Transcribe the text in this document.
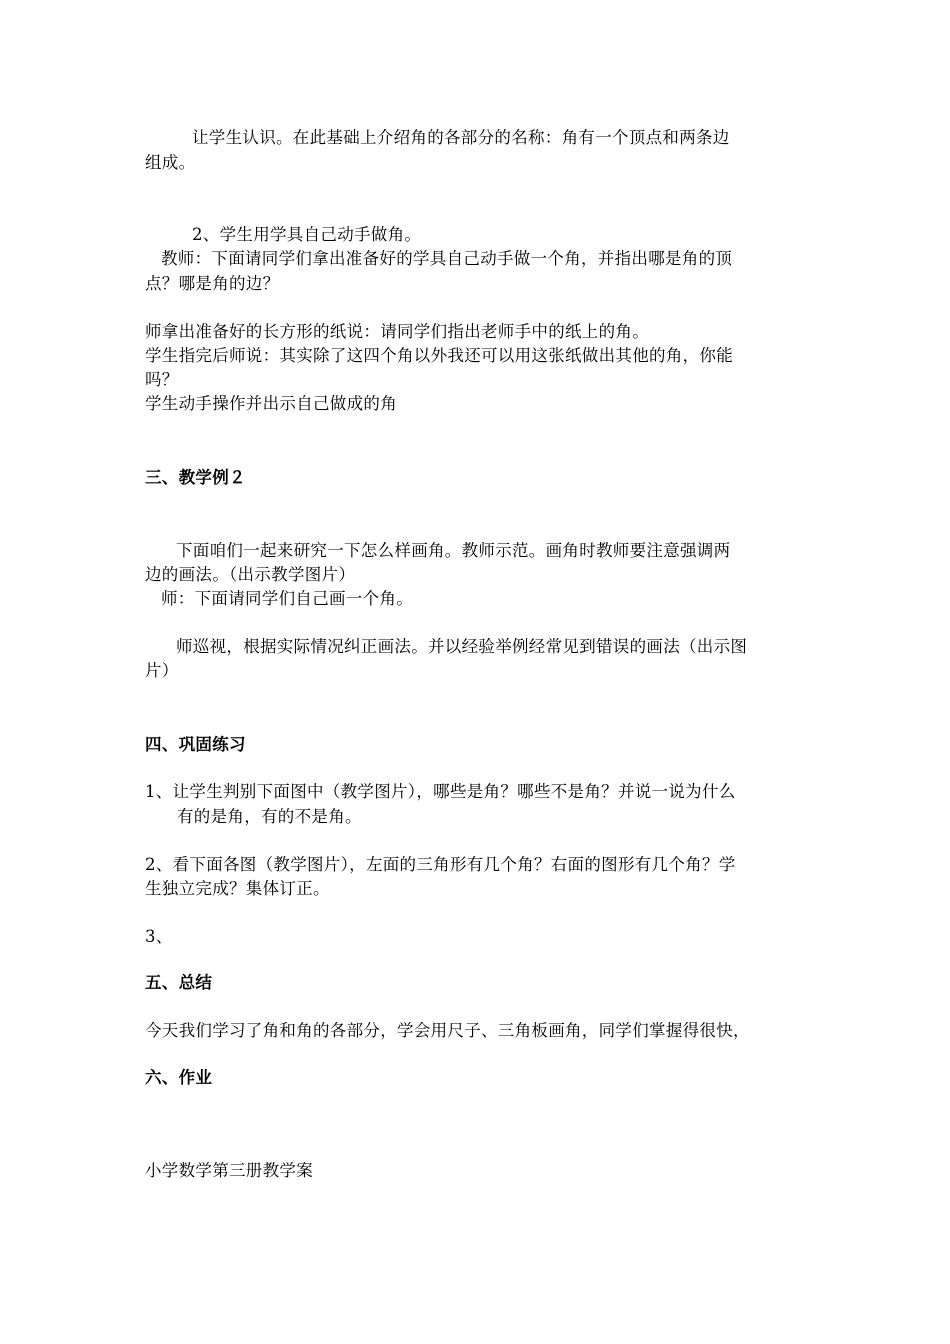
让学生认识。在此基础上介绍角的各部分的名称：角有一个顶点和两条边
组成。
2、学生用学具自己动手做角。
教师：下面请同学们拿出准备好的学具自己动手做一个角，并指出哪是角的顶
点？哪是角的边？
师拿出准备好的长方形的纸说：请同学们指出老师手中的纸上的角。
学生指完后师说：其实除了这四个角以外我还可以用这张纸做出其他的角，你能
吗？
学生动手操作并出示自己做成的角
三、教学例２
下面咱们一起来研究一下怎么样画角。教师示范。画角时教师要注意强调两
边的画法。（出示教学图片）
师：下面请同学们自己画一个角。
师巡视，根据实际情况纠正画法。并以经验举例经常见到错误的画法（出示图
片）
四、巩固练习
1、让学生判别下面图中（教学图片），哪些是角？哪些不是角？并说一说为什么
有的是角，有的不是角。
2、看下面各图（教学图片），左面的三角形有几个角？右面的图形有几个角？学
生独立完成？集体订正。
3、
五、总结
今天我们学习了角和角的各部分，学会用尺子、三角板画角，同学们掌握得很快，
六、作业
小学数学第三册教学案
